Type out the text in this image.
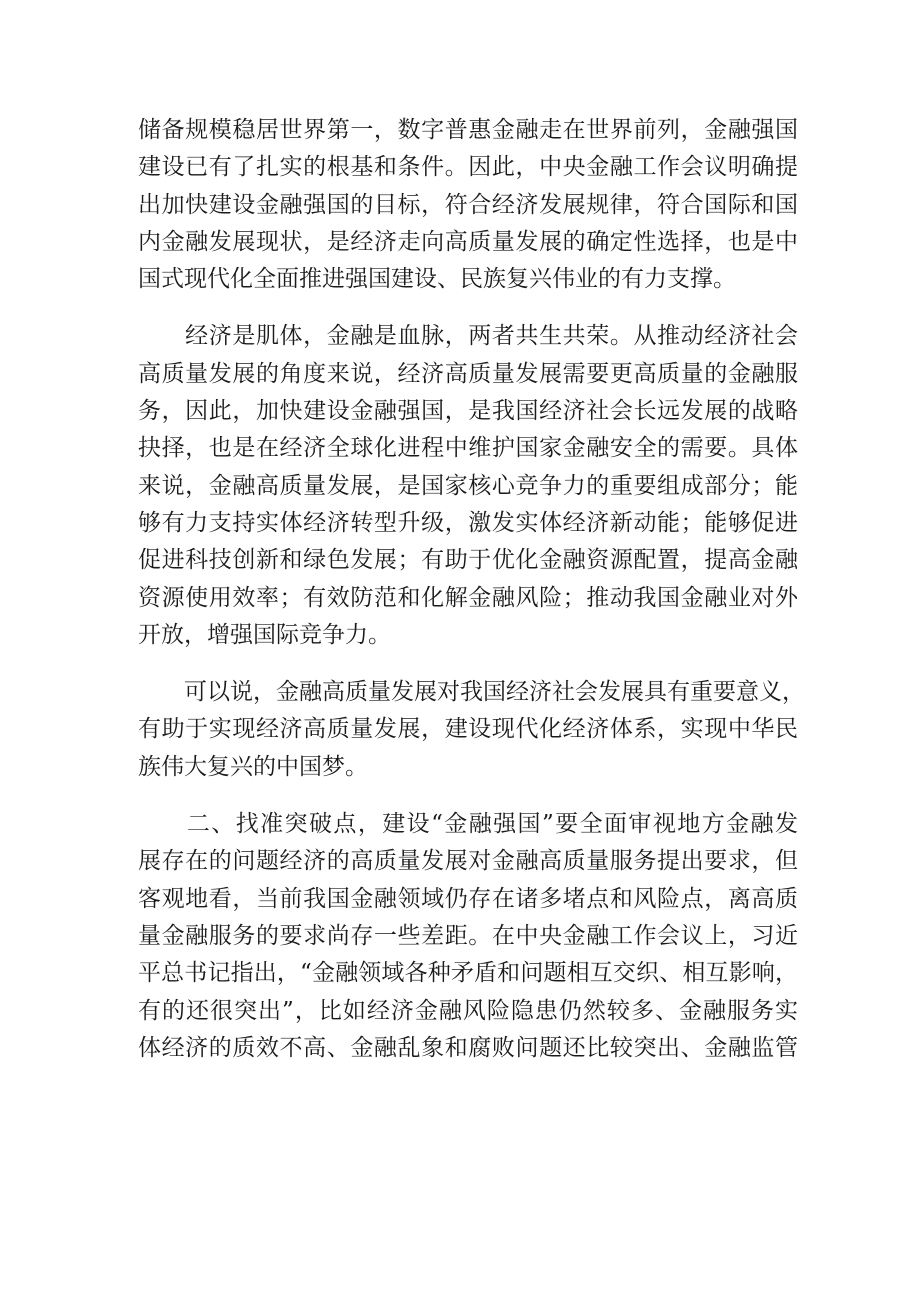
储备规模稳居世界第一，数字普惠金融走在世界前列，金融强国
建设已有了扎实的根基和条件。因此，中央金融工作会议明确提
出加快建设金融强国的目标，符合经济发展规律，符合国际和国
内金融发展现状，是经济走向高质量发展的确定性选择，也是中
国式现代化全面推进强国建设、民族复兴伟业的有力支撑。

　　经济是肌体，金融是血脉，两者共生共荣。从推动经济社会
高质量发展的角度来说，经济高质量发展需要更高质量的金融服
务，因此，加快建设金融强国，是我国经济社会长远发展的战略
抉择，也是在经济全球化进程中维护国家金融安全的需要。具体
来说，金融高质量发展，是国家核心竞争力的重要组成部分；能
够有力支持实体经济转型升级，激发实体经济新动能；能够促进
促进科技创新和绿色发展；有助于优化金融资源配置，提高金融
资源使用效率；有效防范和化解金融风险；推动我国金融业对外
开放，增强国际竞争力。

　　可以说，金融高质量发展对我国经济社会发展具有重要意义，
有助于实现经济高质量发展，建设现代化经济体系，实现中华民
族伟大复兴的中国梦。

　　二、找准突破点，建设“金融强国”要全面审视地方金融发
展存在的问题经济的高质量发展对金融高质量服务提出要求，但
客观地看，当前我国金融领域仍存在诸多堵点和风险点，离高质
量金融服务的要求尚存一些差距。在中央金融工作会议上，习近
平总书记指出，“金融领域各种矛盾和问题相互交织、相互影响，
有的还很突出”，比如经济金融风险隐患仍然较多、金融服务实
体经济的质效不高、金融乱象和腐败问题还比较突出、金融监管
